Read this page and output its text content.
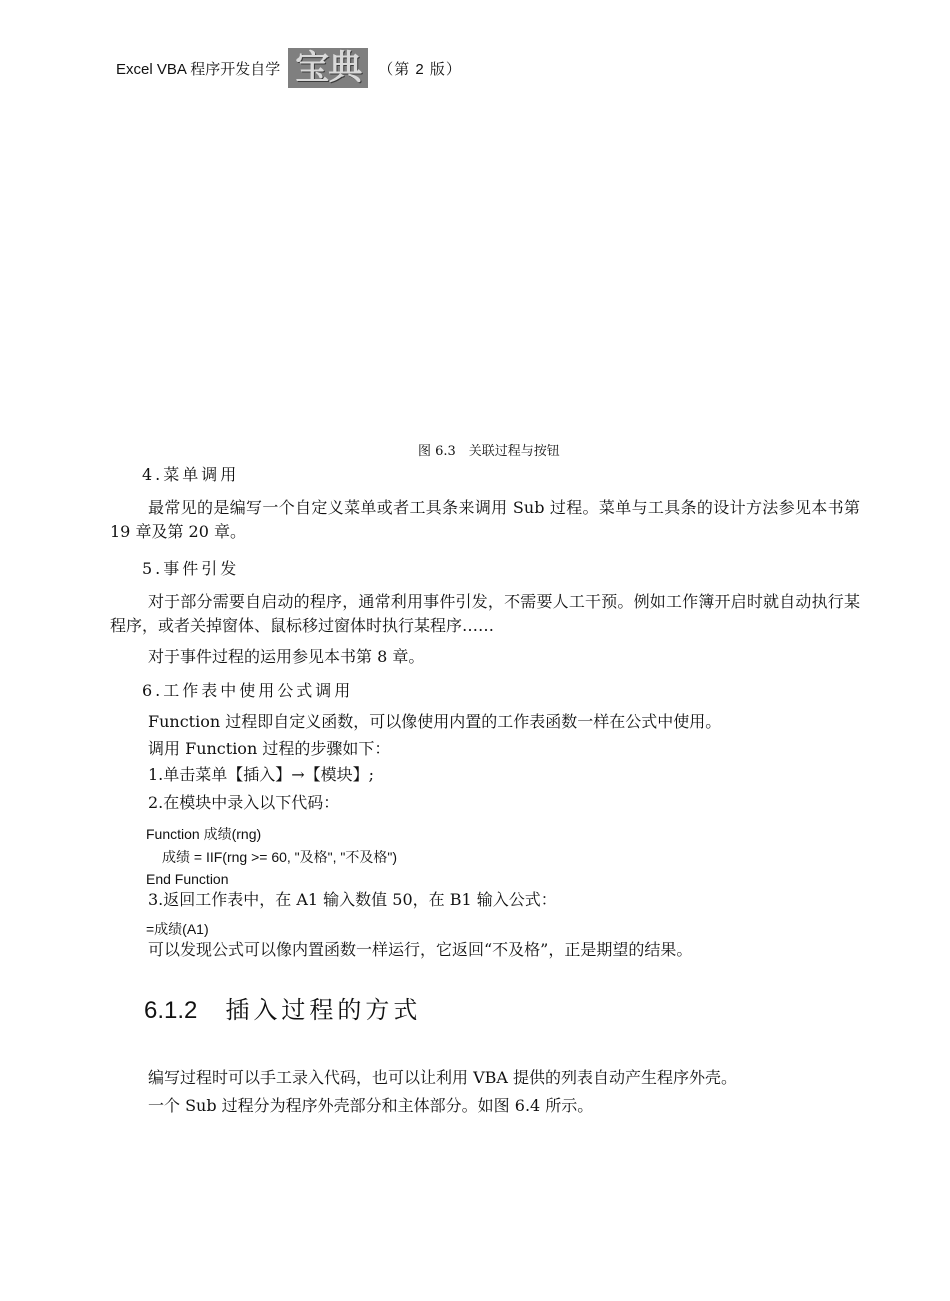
Excel VBA 程序开发自学 宝典	（第 2 版）
图 6.3　关联过程与按钮
4.菜单调用
最常见的是编写一个自定义菜单或者工具条来调用 Sub 过程。菜单与工具条的设计方法参见本书第 19 章及第 20 章。
5.事件引发
对于部分需要自启动的程序，通常利用事件引发，不需要人工干预。例如工作簿开启时就自动执行某程序，或者关掉窗体、鼠标移过窗体时执行某程序……
对于事件过程的运用参见本书第 8 章。
6.工作表中使用公式调用
Function 过程即自定义函数，可以像使用内置的工作表函数一样在公式中使用。
调用 Function 过程的步骤如下：
1.单击菜单【插入】→【模块】;
2.在模块中录入以下代码：
Function 成绩(rng)
成绩 = IIF(rng >= 60, "及格", "不及格")
End Function
3.返回工作表中，在 A1 输入数值 50，在 B1 输入公式：
=成绩(A1)
可以发现公式可以像内置函数一样运行，它返回“不及格”，正是期望的结果。
6.1.2 插入过程的方式
编写过程时可以手工录入代码，也可以让利用 VBA 提供的列表自动产生程序外壳。
一个 Sub 过程分为程序外壳部分和主体部分。如图 6.4 所示。
